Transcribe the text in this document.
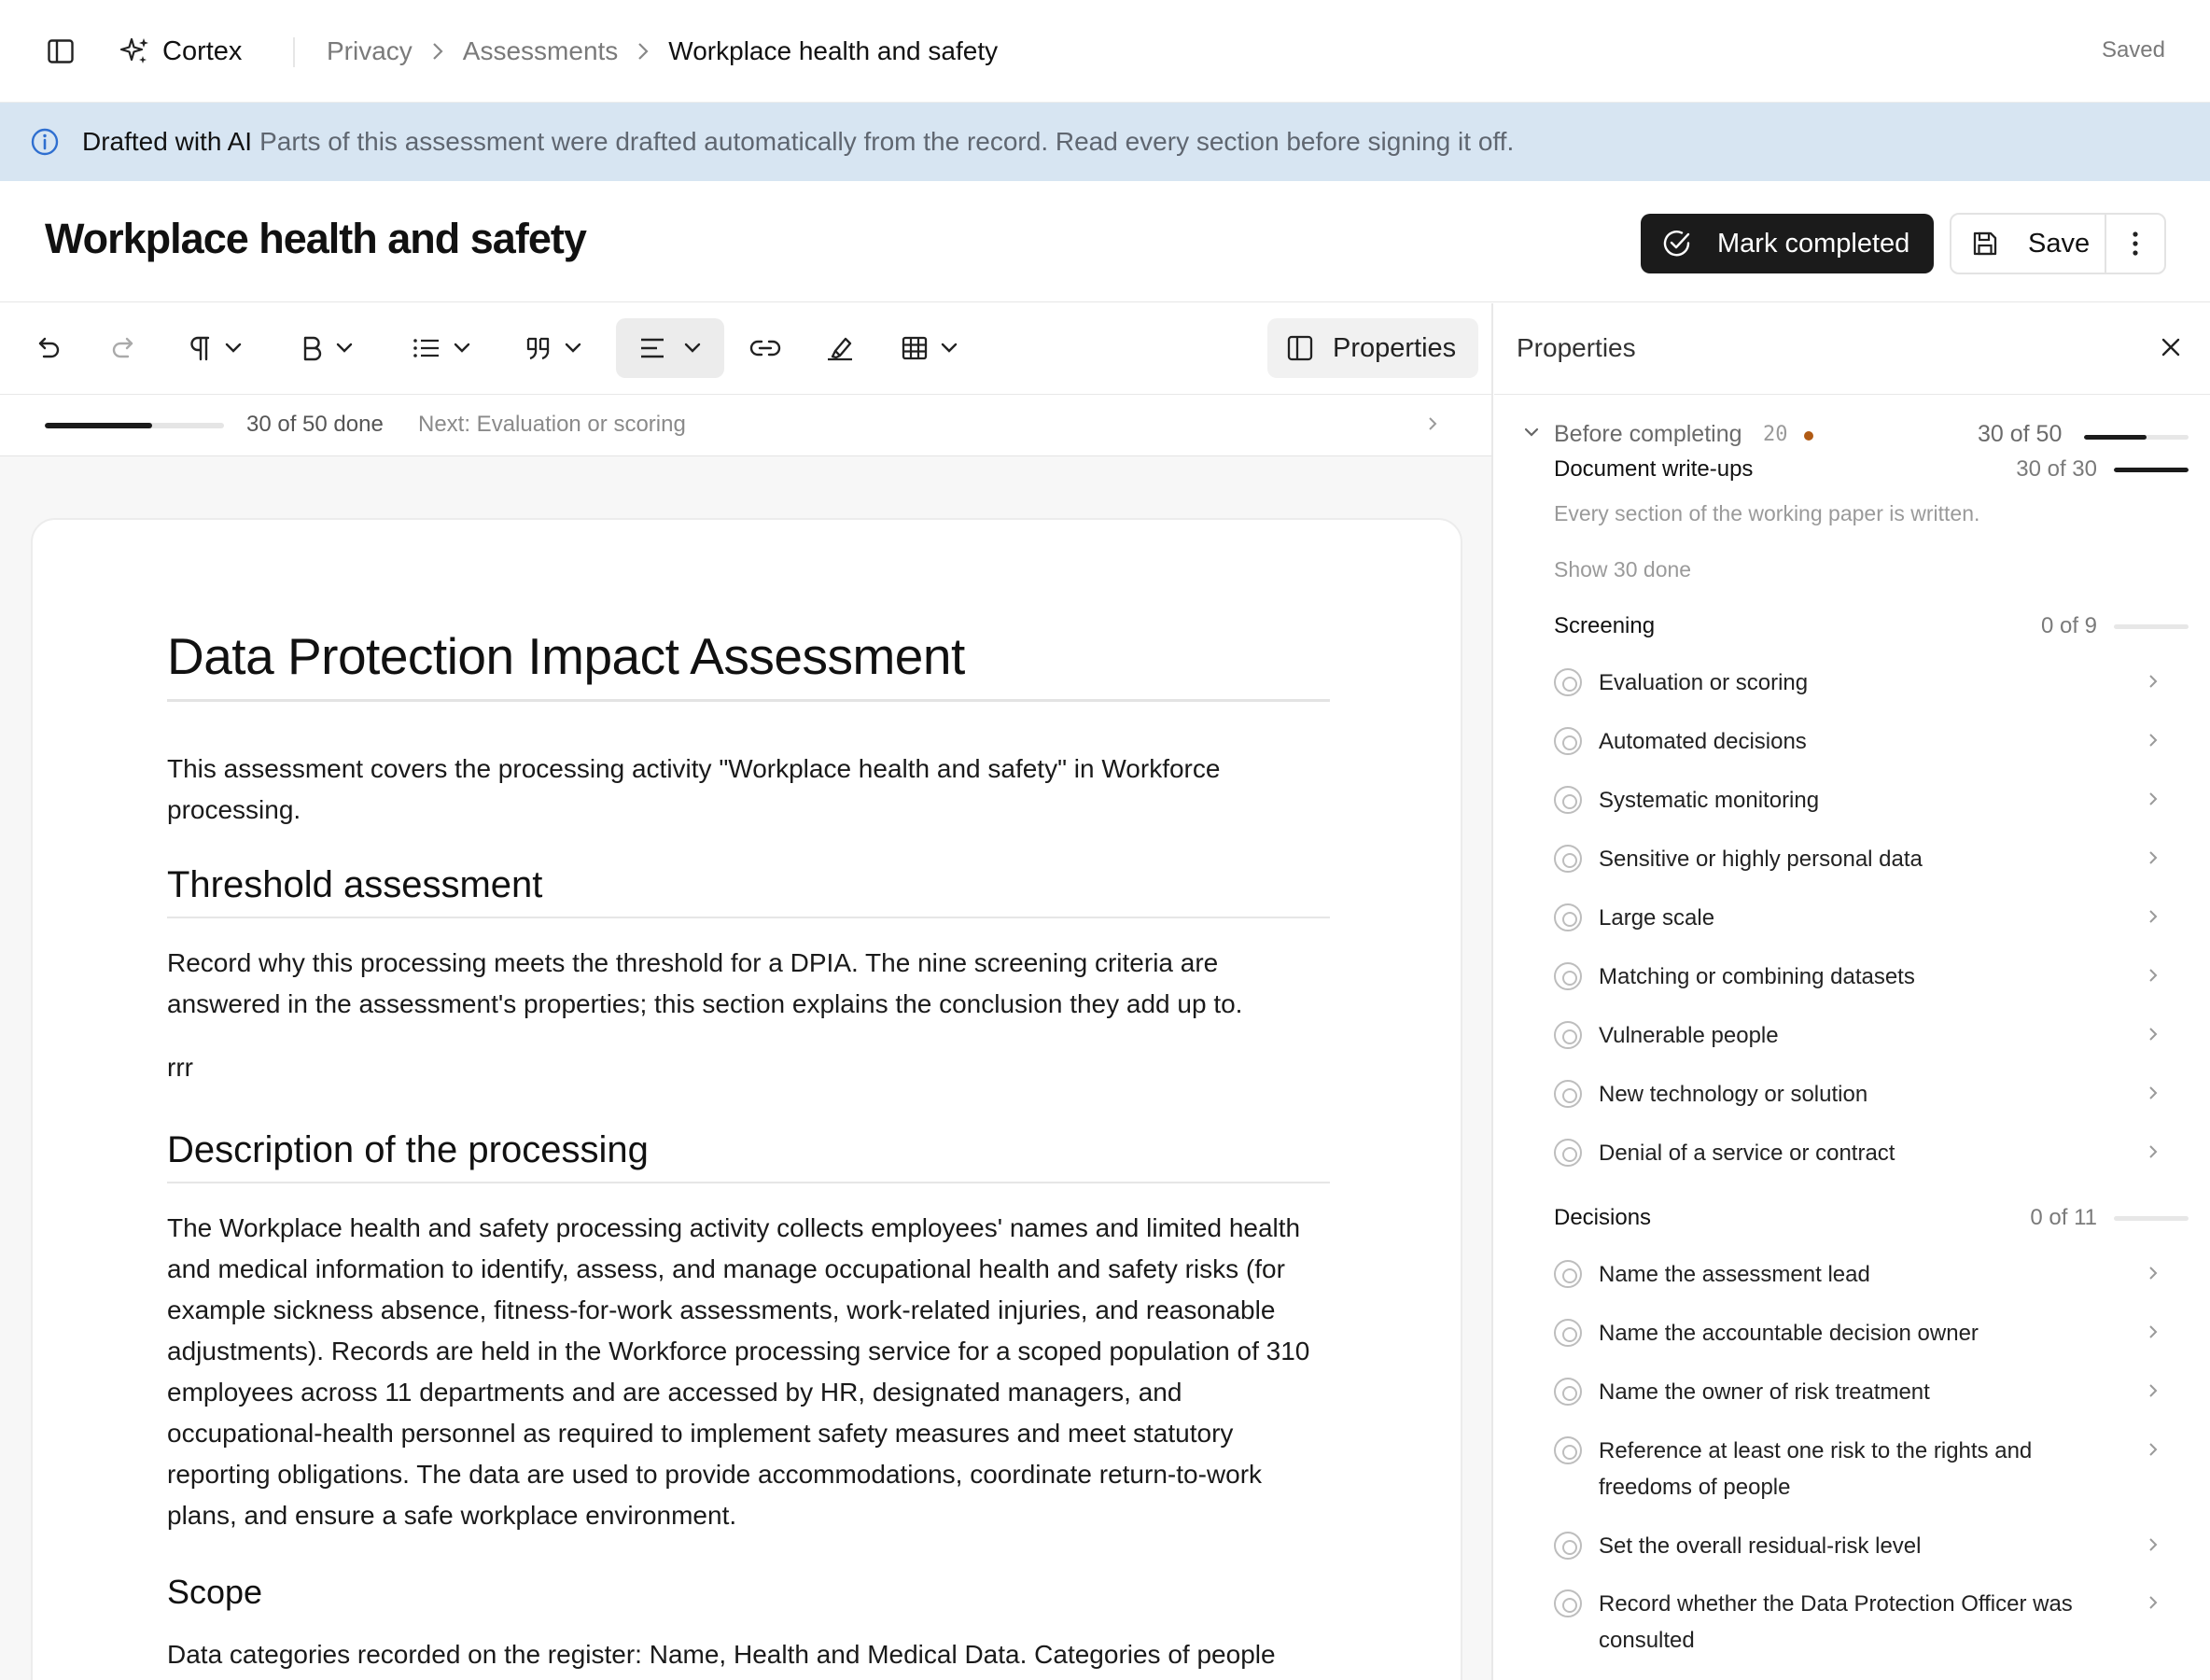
Cortex	Privacy Assessments Workplace health and safety	Saved
Drafted with AI Parts of this assessment were drafted automatically from the record. Read every section before signing it off.
Workplace health and safety	Mark completed	Save
Properties
30 of 50 done Next: Evaluation or scoring
Data Protection Impact Assessment

This assessment covers the processing activity "Workplace health and safety" in Workforce processing.

Threshold assessment

Record why this processing meets the threshold for a DPIA. The nine screening criteria are answered in the assessment's properties; this section explains the conclusion they add up to.

rrr

Description of the processing

The Workplace health and safety processing activity collects employees' names and limited health and medical information to identify, assess, and manage occupational health and safety risks (for example sickness absence, fitness-for-work assessments, work-related injuries, and reasonable adjustments). Records are held in the Workforce processing service for a scoped population of 310 employees across 11 departments and are accessed by HR, designated managers, and occupational-health personnel as required to implement safety measures and meet statutory reporting obligations. The data are used to provide accommodations, coordinate return-to-work plans, and ensure a safe workplace environment.

Scope

Data categories recorded on the register: Name, Health and Medical Data. Categories of people

Properties
Before completing 20	30 of 50
Document write-ups	30 of 30
Every section of the working paper is written.
Show 30 done
Screening	0 of 9
Evaluation or scoring
Automated decisions
Systematic monitoring
Sensitive or highly personal data
Large scale
Matching or combining datasets
Vulnerable people
New technology or solution
Denial of a service or contract
Decisions	0 of 11
Name the assessment lead
Name the accountable decision owner
Name the owner of risk treatment
Reference at least one risk to the rights and freedoms of people
Set the overall residual-risk level
Record whether the Data Protection Officer was consulted
